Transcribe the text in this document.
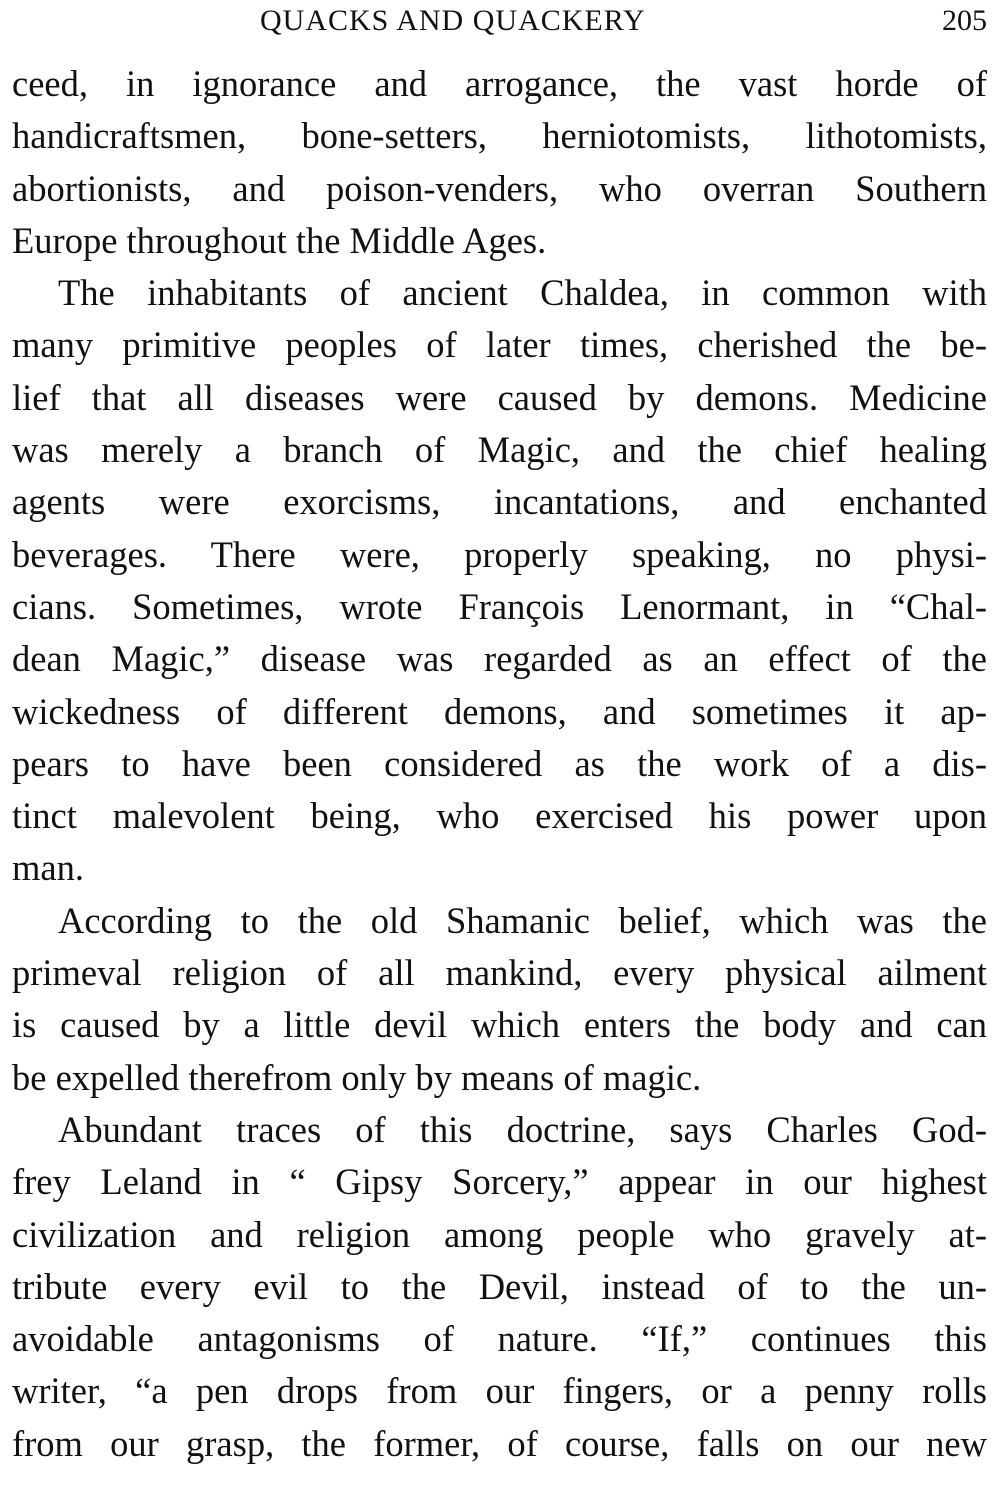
QUACKS AND QUACKERY	205

ceed, in ignorance and arrogance, the vast horde of
handicraftsmen, bone-setters, herniotomists, lithotomists,
abortionists, and poison-venders, who overran Southern
Europe throughout the Middle Ages.

The inhabitants of ancient Chaldea, in common with
many primitive peoples of later times, cherished the be-
lief that all diseases were caused by demons. Medicine
was merely a branch of Magic, and the chief healing
agents were exorcisms, incantations, and enchanted
beverages. There were, properly speaking, no physi-
cians. Sometimes, wrote François Lenormant, in “Chal-
dean Magic,” disease was regarded as an effect of the
wickedness of different demons, and sometimes it ap-
pears to have been considered as the work of a dis-
tinct malevolent being, who exercised his power upon
man.

According to the old Shamanic belief, which was the
primeval religion of all mankind, every physical ailment
is caused by a little devil which enters the body and can
be expelled therefrom only by means of magic.

Abundant traces of this doctrine, says Charles God-
frey Leland in “ Gipsy Sorcery,” appear in our highest
civilization and religion among people who gravely at-
tribute every evil to the Devil, instead of to the un-
avoidable antagonisms of nature. “If,” continues this
writer, “a pen drops from our fingers, or a penny rolls
from our grasp, the former, of course, falls on our new
